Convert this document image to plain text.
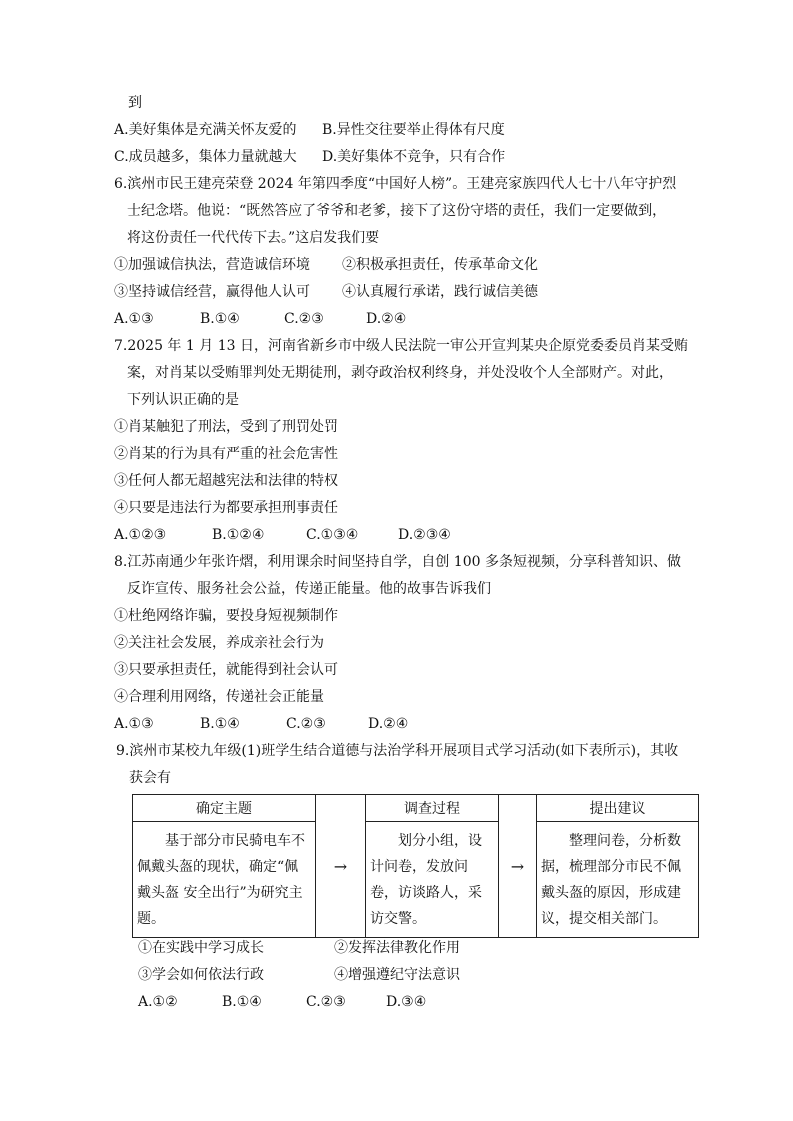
到
A.美好集体是充满关怀友爱的 B.异性交往要举止得体有尺度
C.成员越多，集体力量就越大 D.美好集体不竞争，只有合作
6.滨州市民王建亮荣登 2024 年第四季度“中国好人榜”。王建亮家族四代人七十八年守护烈
士纪念塔。他说：“既然答应了爷爷和老爹，接下了这份守塔的责任，我们一定要做到，
将这份责任一代代传下去。”这启发我们要
①加强诚信执法，营造诚信环境 ②积极承担责任，传承革命文化
③坚持诚信经营，赢得他人认可 ④认真履行承诺，践行诚信美德
A.①③	B.①④	C.②③	D.②④
7.2025 年 1 月 13 日，河南省新乡市中级人民法院一审公开宣判某央企原党委委员肖某受贿
案，对肖某以受贿罪判处无期徒刑，剥夺政治权利终身，并处没收个人全部财产。对此，
下列认识正确的是
①肖某触犯了刑法，受到了刑罚处罚
②肖某的行为具有严重的社会危害性
③任何人都无超越宪法和法律的特权
④只要是违法行为都要承担刑事责任
A.①②③	B.①②④	C.①③④	D.②③④
8.江苏南通少年张许熠，利用课余时间坚持自学，自创 100 多条短视频，分享科普知识、做
反诈宣传、服务社会公益，传递正能量。他的故事告诉我们
①杜绝网络诈骗，要投身短视频制作
②关注社会发展，养成亲社会行为
③只要承担责任，就能得到社会认可
④合理利用网络，传递社会正能量
A.①③	B.①④	C.②③	D.②④
9.滨州市某校九年级(1)班学生结合道德与法治学科开展项目式学习活动(如下表所示)，其收
获会有
确定主题	→	调查过程	→	提出建议
基于部分市民骑电车不佩戴头盔的现状，确定“佩戴头盔 安全出行”为研究主题。		划分小组，设计问卷，发放问卷，访谈路人，采访交警。		整理问卷，分析数据，梳理部分市民不佩戴头盔的原因，形成建议，提交相关部门。
①在实践中学习成长	②发挥法律教化作用
③学会如何依法行政	④增强遵纪守法意识
A.①②	B.①④	C.②③	D.③④
